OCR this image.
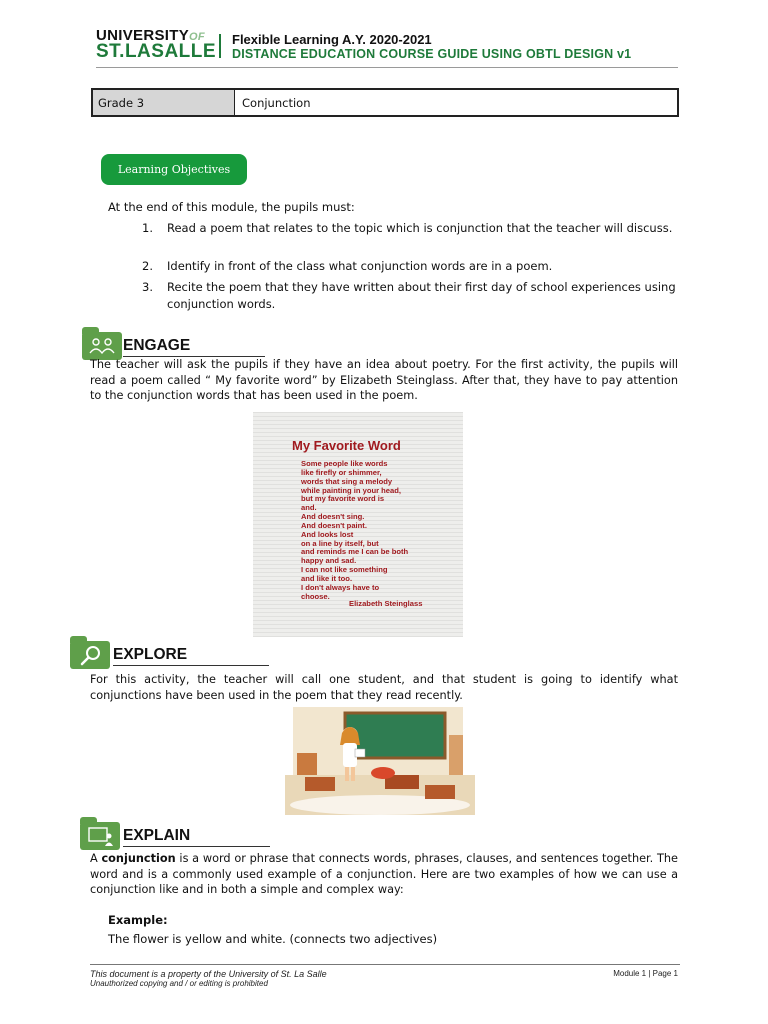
UNIVERSITYOF
ST.LASALLE
Flexible Learning A.Y. 2020-2021
DISTANCE EDUCATION COURSE GUIDE USING OBTL DESIGN v1
Grade 3	Conjunction
Learning Objectives
At the end of this module, the pupils must:
1. Read a poem that relates to the topic which is conjunction that the teacher will discuss.
2. Identify in front of the class what conjunction words are in a poem.
3. Recite the poem that they have written about their first day of school experiences using conjunction words.
ENGAGE
The teacher will ask the pupils if they have an idea about poetry. For the first activity, the pupils will read a poem called “ My favorite word” by Elizabeth Steinglass. After that, they have to pay attention to the conjunction words that has been used in the poem.
My Favorite Word
Some people like words
like firefly or shimmer,
words that sing a melody
while painting in your head,
but my favorite word is
and.
And doesn't sing.
And doesn't paint.
And looks lost
on a line by itself, but
and reminds me I can be both
happy and sad.
I can not like something
and like it too.
I don't always have to
choose.
Elizabeth Steinglass
EXPLORE
For this activity, the teacher will call one student, and that student is going to identify what conjunctions have been used in the poem that they read recently.
EXPLAIN
A conjunction is a word or phrase that connects words, phrases, clauses, and sentences together. The word and is a commonly used example of a conjunction. Here are two examples of how we can use a conjunction like and in both a simple and complex way:
Example:
The flower is yellow and white. (connects two adjectives)
This document is a property of the University of St. La Salle
Unauthorized copying and / or editing is prohibited
Module 1 | Page 1
